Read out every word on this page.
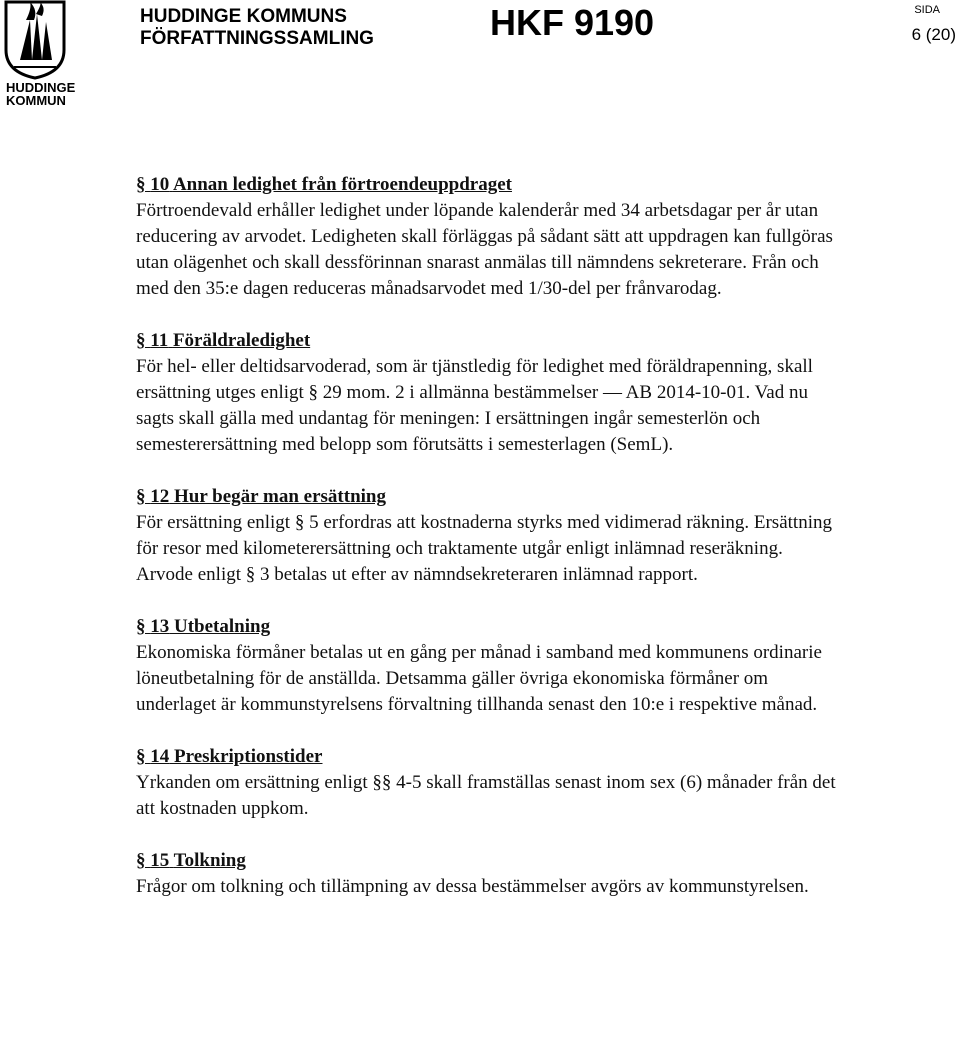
HUDDINGE
KOMMUN
HUDDINGE KOMMUNS
FÖRFATTNINGSSAMLING	HKF 9190	SIDA
6 (20)

§ 10 Annan ledighet från förtroendeuppdraget

Förtroendevald erhåller ledighet under löpande kalenderår med 34 arbetsdagar per år utan reducering av arvodet. Ledigheten skall förläggas på sådant sätt att uppdragen kan fullgöras utan olägenhet och skall dessförinnan snarast anmälas till nämndens sekreterare. Från och med den 35:e dagen reduceras månadsarvodet med 1/30-del per frånvarodag.

§ 11 Föräldraledighet

För hel- eller deltidsarvoderad, som är tjänstledig för ledighet med föräldrapenning, skall ersättning utges enligt § 29 mom. 2 i allmänna bestämmelser — AB 2014-10-01. Vad nu sagts skall gälla med undantag för meningen: I ersättningen ingår semesterlön och semesterersättning med belopp som förutsätts i semesterlagen (SemL).

§ 12 Hur begär man ersättning

För ersättning enligt § 5 erfordras att kostnaderna styrks med vidimerad räkning. Ersättning för resor med kilometerersättning och traktamente utgår enligt inlämnad reseräkning. Arvode enligt § 3 betalas ut efter av nämndsekreteraren inlämnad rapport.

§ 13 Utbetalning

Ekonomiska förmåner betalas ut en gång per månad i samband med kommunens ordinarie löneutbetalning för de anställda. Detsamma gäller övriga ekonomiska förmåner om underlaget är kommunstyrelsens förvaltning tillhanda senast den 10:e i respektive månad.

§ 14 Preskriptionstider

Yrkanden om ersättning enligt §§ 4-5 skall framställas senast inom sex (6) månader från det att kostnaden uppkom.

§ 15 Tolkning

Frågor om tolkning och tillämpning av dessa bestämmelser avgörs av kommunstyrelsen.
